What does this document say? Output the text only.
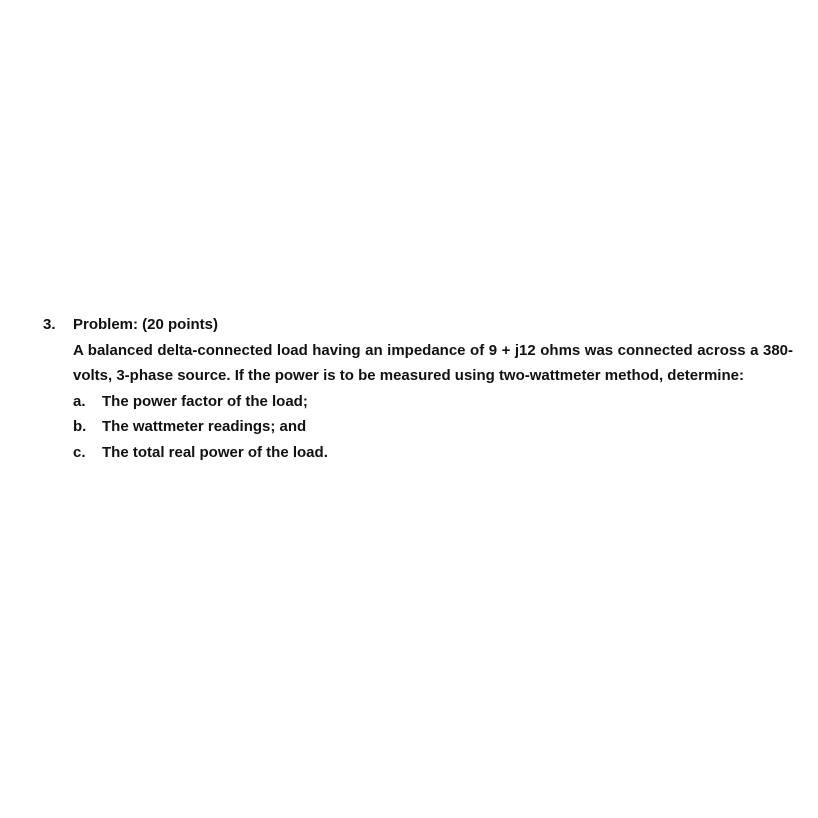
3.	Problem: (20 points)
A balanced delta-connected load having an impedance of 9 + j12 ohms was connected across a 380-volts, 3-phase source. If the power is to be measured using two-wattmeter method, determine:
a.	The power factor of the load;
b.	The wattmeter readings; and
c.	The total real power of the load.
